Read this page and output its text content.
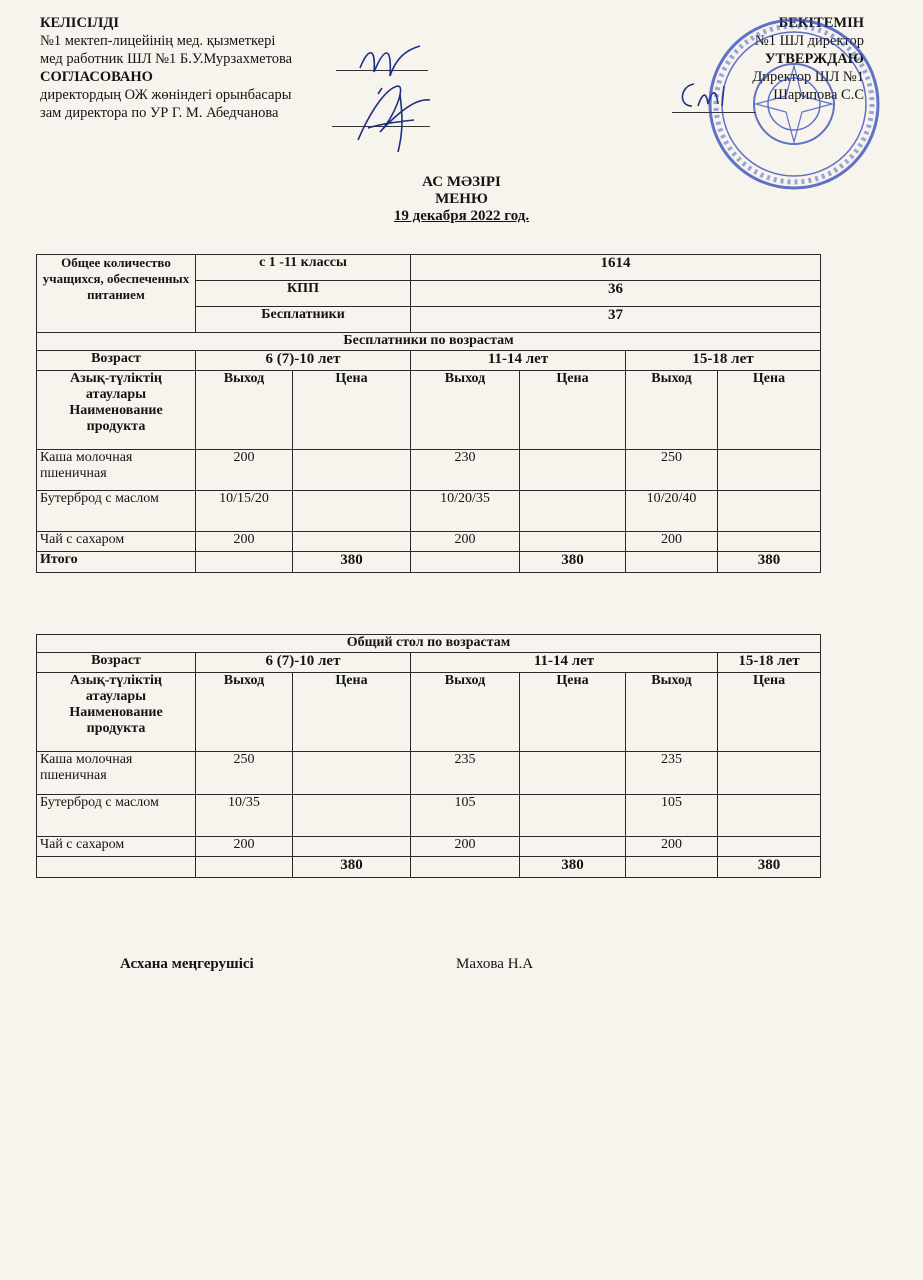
КЕЛІСІЛДІ
№1 мектеп-лицейінің мед. қызметкері
мед работник ШЛ №1 Б.У.Мурзахметова
СОГЛАСОВАНО
директордың ОЖ жөніндегі орынбасары
зам директора по УР Г. М. Абедчанова
БЕКІТЕМІН
№1 ШЛ директор
УТВЕРЖДАЮ
Директор ШЛ №1
Шарипова С.С
АС МӘЗІРІ
МЕНЮ
19 декабря 2022 год.
Общее количество учащихся, обеспеченных питанием	с 1 -11 классы		1614			
	КПП		36			
	Бесплатники		37			
Бесплатники по возрастам						
Возраст	6 (7)-10 лет		11-14 лет		15-18 лет	
Азық-түліктің атаулары Наименование продукта	Выход	Цена	Выход	Цена	Выход	Цена
Каша молочная пшеничная	200		230		250	
Бутерброд с маслом	10/15/20		10/20/35		10/20/40	
Чай с сахаром	200		200		200	
Итого		380		380		380
Общий стол по возрастам						
Возраст	6 (7)-10 лет		11-14 лет			15-18 лет
Азық-түліктің атаулары Наименование продукта	Выход	Цена	Выход	Цена	Выход	Цена
Каша молочная пшеничная	250		235		235	
Бутерброд с маслом	10/35		105		105	
Чай с сахаром	200		200		200	
		380		380		380
Асхана меңгерушісі	Махова Н.А
